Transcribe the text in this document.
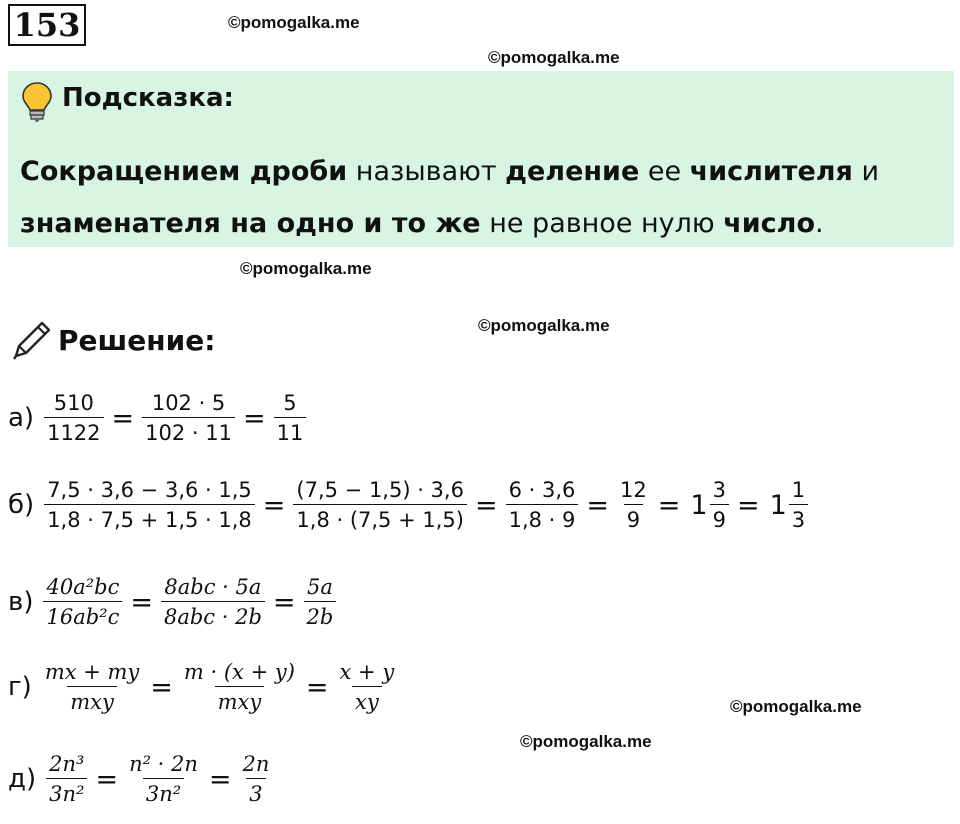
153	©pomogalka.me
©pomogalka.me
©pomogalka.me
©pomogalka.me
©pomogalka.me
©pomogalka.me
Подсказка:
Сокращением дроби называют деление ее числителя и знаменателя на одно и то же не равное нулю число.
Решение:
$а) \frac{510}{1122} = \frac{102 \cdot 5}{102 \cdot 11} = \frac{5}{11}$
$б) \frac{7,5 \cdot 3,6 - 3,6 \cdot 1,5}{1,8 \cdot 7,5 + 1,5 \cdot 1,8} = \frac{(7,5 - 1,5) \cdot 3,6}{1,8 \cdot (7,5 + 1,5)} = \frac{6 \cdot 3,6}{1,8 \cdot 9} = \frac{12}{9} = 1 \frac{3}{9} = 1 \frac{1}{3}$
$в) \frac{\text{40a²bc}}{\text{16ab²c}} = \frac{\text{8abc · 5a}}{\text{8abc · 2b}} = \frac{5a}{2b}$
$г) \frac{mx + my}{\text{mxy}} = \frac{m \cdot (x + y)}{\text{mxy}} = \frac{x + y}{xy}$
$д) \frac{\text{2n³}}{\text{3n²}} = \frac{\text{n² · 2n}}{\text{3n²}} = \frac{2n}{3}$
